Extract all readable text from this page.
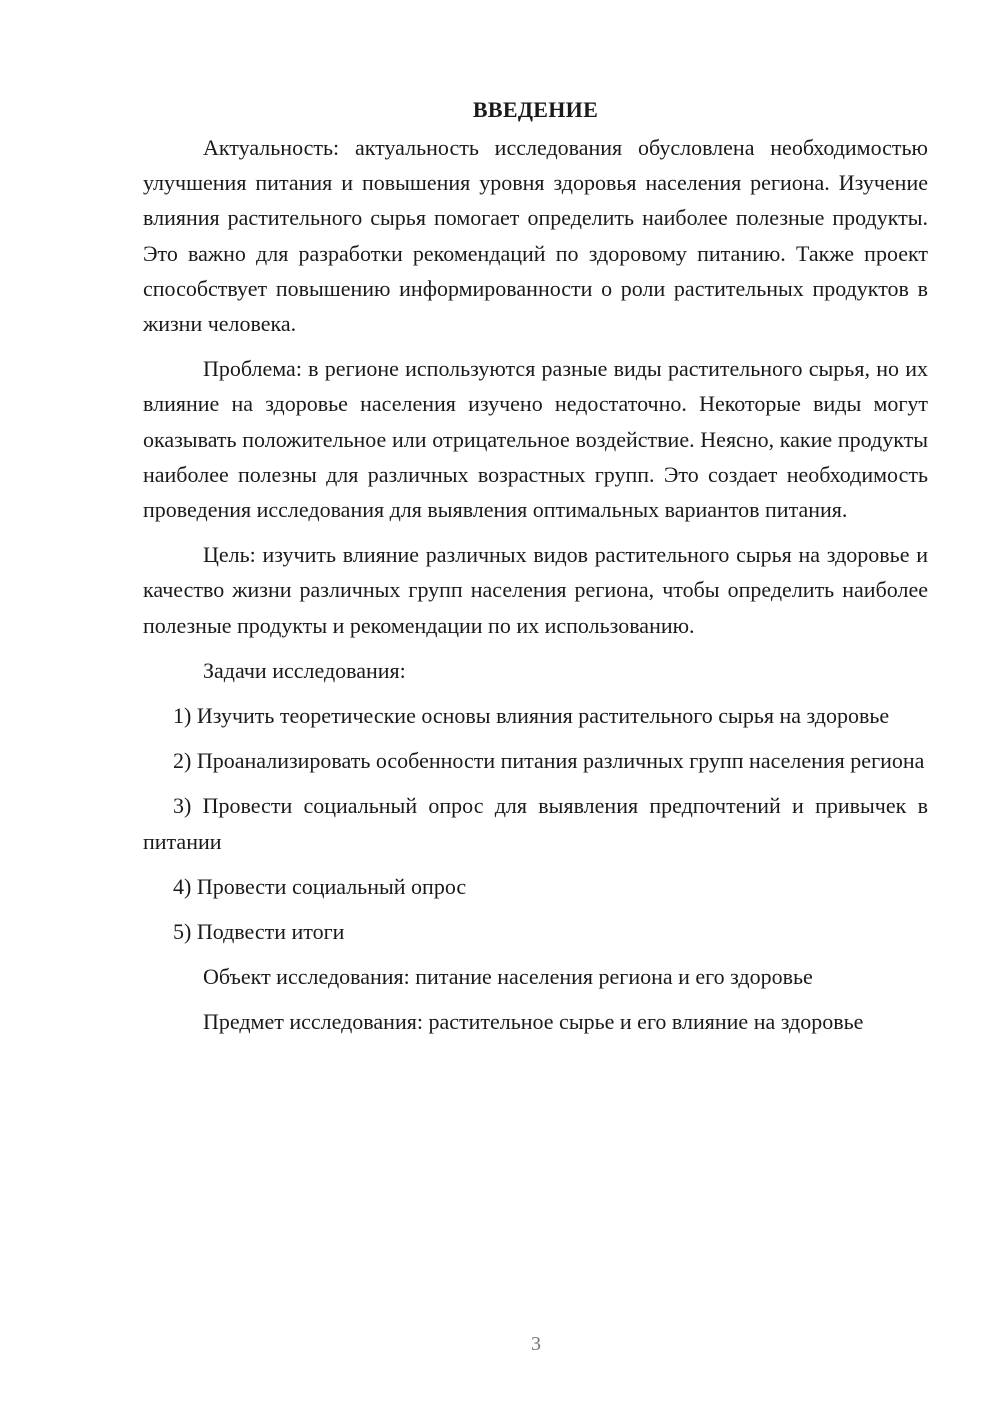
ВВЕДЕНИЕ

Актуальность: актуальность исследования обусловлена необходимостью улучшения питания и повышения уровня здоровья населения региона. Изучение влияния растительного сырья помогает определить наиболее полезные продукты. Это важно для разработки рекомендаций по здоровому питанию. Также проект способствует повышению информированности о роли растительных продуктов в жизни человека.

Проблема: в регионе используются разные виды растительного сырья, но их влияние на здоровье населения изучено недостаточно. Некоторые виды могут оказывать положительное или отрицательное воздействие. Неясно, какие продукты наиболее полезны для различных возрастных групп. Это создает необходимость проведения исследования для выявления оптимальных вариантов питания.

Цель: изучить влияние различных видов растительного сырья на здоровье и качество жизни различных групп населения региона, чтобы определить наиболее полезные продукты и рекомендации по их использованию.

Задачи исследования:

1) Изучить теоретические основы влияния растительного сырья на здоровье

2) Проанализировать особенности питания различных групп населения региона

3) Провести социальный опрос для выявления предпочтений и привычек в питании

4) Провести социальный опрос

5) Подвести итоги

Объект исследования: питание населения региона и его здоровье

Предмет исследования: растительное сырье и его влияние на здоровье

3
